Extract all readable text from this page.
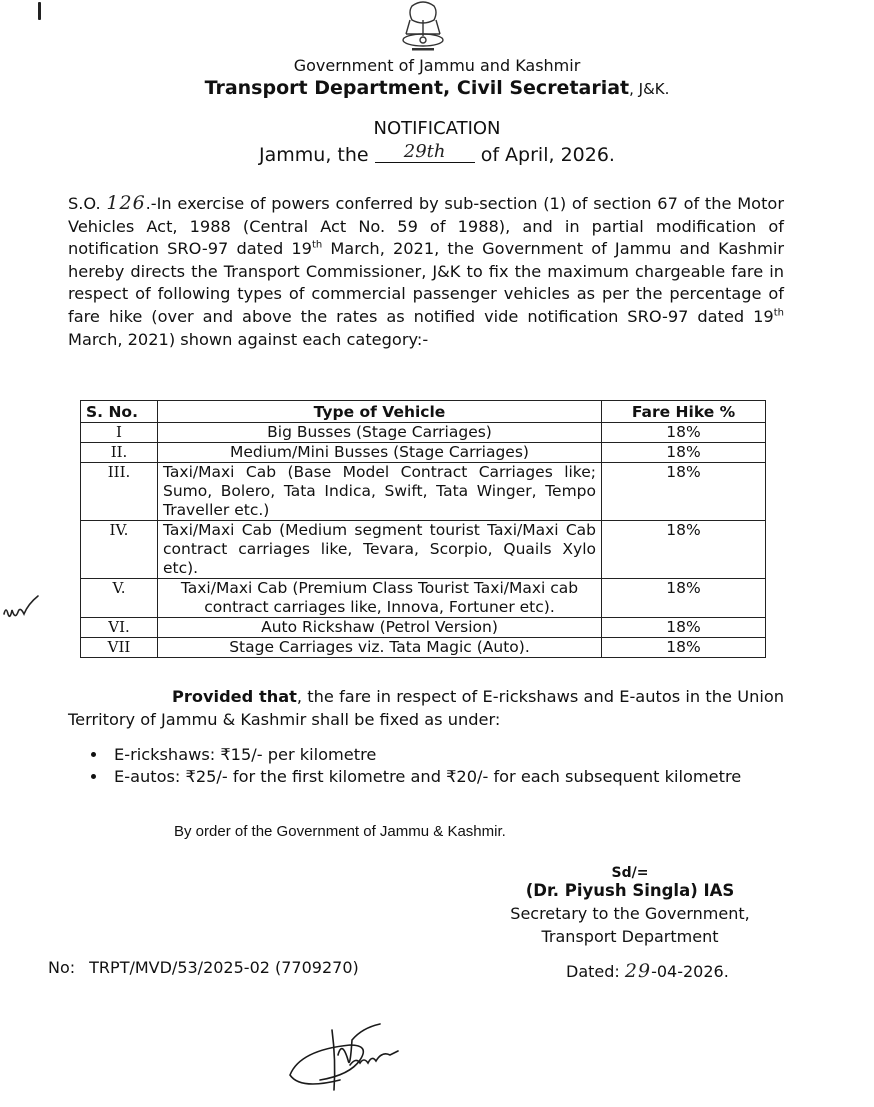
Government of Jammu and Kashmir
Transport Department, Civil Secretariat, J&K.
NOTIFICATION
Jammu, the 29th of April, 2026.
S.O. 126.-In exercise of powers conferred by sub-section (1) of section 67 of the Motor Vehicles Act, 1988 (Central Act No. 59 of 1988), and in partial modification of notification SRO-97 dated 19th March, 2021, the Government of Jammu and Kashmir hereby directs the Transport Commissioner, J&K to fix the maximum chargeable fare in respect of following types of commercial passenger vehicles as per the percentage of fare hike (over and above the rates as notified vide notification SRO-97 dated 19th March, 2021) shown against each category:-
S. No.	Type of Vehicle	Fare Hike %
I	Big Busses (Stage Carriages)	18%
II.	Medium/Mini Busses (Stage Carriages)	18%
III.	Taxi/Maxi Cab (Base Model Contract Carriages like; Sumo, Bolero, Tata Indica, Swift, Tata Winger, Tempo Traveller etc.)	18%
IV.	Taxi/Maxi Cab (Medium segment tourist Taxi/Maxi Cab contract carriages like, Tevara, Scorpio, Quails Xylo etc).	18%
V.	Taxi/Maxi Cab (Premium Class Tourist Taxi/Maxi cab contract carriages like, Innova, Fortuner etc).	18%
VI.	Auto Rickshaw (Petrol Version)	18%
VII	Stage Carriages viz. Tata Magic (Auto).	18%
Provided that, the fare in respect of E-rickshaws and E-autos in the Union Territory of Jammu & Kashmir shall be fixed as under:
• E-rickshaws: ₹15/- per kilometre
• E-autos: ₹25/- for the first kilometre and ₹20/- for each subsequent kilometre
By order of the Government of Jammu & Kashmir.
Sd/=
(Dr. Piyush Singla) IAS
Secretary to the Government,
Transport Department
No: TRPT/MVD/53/2025-02 (7709270)	Dated: 29-04-2026.
